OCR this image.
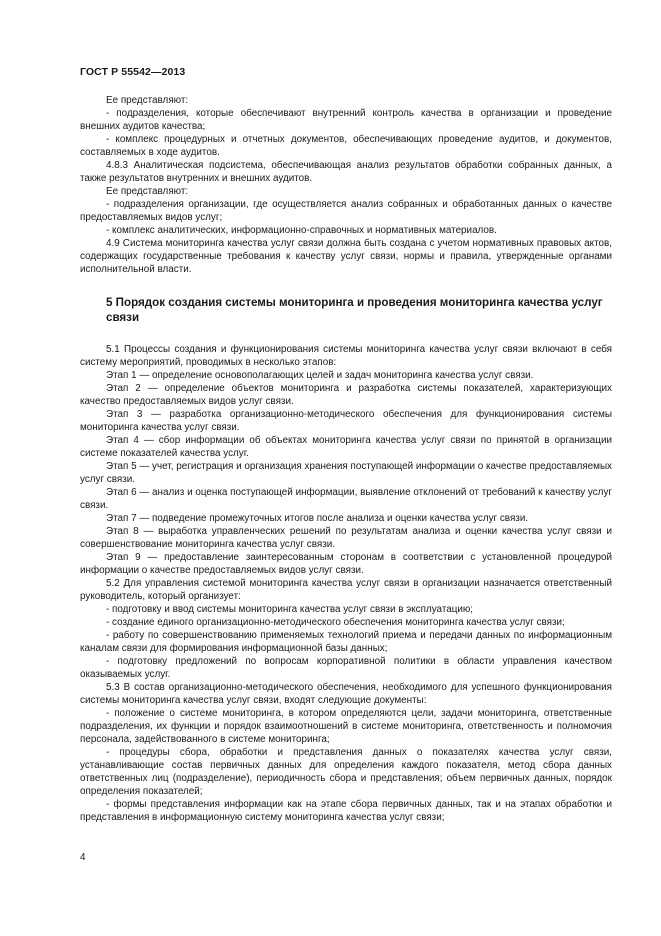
ГОСТ Р 55542—2013

Ее представляют:

- подразделения, которые обеспечивают внутренний контроль качества в организации и проведение внешних аудитов качества;

- комплекс процедурных и отчетных документов, обеспечивающих проведение аудитов, и документов, составляемых в ходе аудитов.

4.8.3 Аналитическая подсистема, обеспечивающая анализ результатов обработки собранных данных, а также результатов внутренних и внешних аудитов.

Ее представляют:

- подразделения организации, где осуществляется анализ собранных и обработанных данных о качестве предоставляемых видов услуг;

- комплекс аналитических, информационно-справочных и нормативных материалов.

4.9 Система мониторинга качества услуг связи должна быть создана с учетом нормативных правовых актов, содержащих государственные требования к качеству услуг связи, нормы и правила, утвержденные органами исполнительной власти.

5 Порядок создания системы мониторинга и проведения мониторинга качества услуг связи

5.1 Процессы создания и функционирования системы мониторинга качества услуг связи включают в себя систему мероприятий, проводимых в несколько этапов:

Этап 1 — определение основополагающих целей и задач мониторинга качества услуг связи.

Этап 2 — определение объектов мониторинга и разработка системы показателей, характеризующих качество предоставляемых видов услуг связи.

Этап 3 — разработка организационно-методического обеспечения для функционирования системы мониторинга качества услуг связи.

Этап 4 — сбор информации об объектах мониторинга качества услуг связи по принятой в организации системе показателей качества услуг.

Этап 5 — учет, регистрация и организация хранения поступающей информации о качестве предоставляемых услуг связи.

Этап 6 — анализ и оценка поступающей информации, выявление отклонений от требований к качеству услуг связи.

Этап 7 — подведение промежуточных итогов после анализа и оценки качества услуг связи.

Этап 8 — выработка управленческих решений по результатам анализа и оценки качества услуг связи и совершенствование мониторинга качества услуг связи.

Этап 9 — предоставление заинтересованным сторонам в соответствии с установленной процедурой информации о качестве предоставляемых видов услуг связи.

5.2 Для управления системой мониторинга качества услуг связи в организации назначается ответственный руководитель, который организует:

- подготовку и ввод системы мониторинга качества услуг связи в эксплуатацию;

- создание единого организационно-методического обеспечения мониторинга качества услуг связи;

- работу по совершенствованию применяемых технологий приема и передачи данных по информационным каналам связи для формирования информационной базы данных;

- подготовку предложений по вопросам корпоративной политики в области управления качеством оказываемых услуг.

5.3 В состав организационно-методического обеспечения, необходимого для успешного функционирования системы мониторинга качества услуг связи, входят следующие документы:

- положение о системе мониторинга, в котором определяются цели, задачи мониторинга, ответственные подразделения, их функции и порядок взаимоотношений в системе мониторинга, ответственность и полномочия персонала, задействованного в системе мониторинга;

- процедуры сбора, обработки и представления данных о показателях качества услуг связи, устанавливающие состав первичных данных для определения каждого показателя, метод сбора данных ответственных лиц (подразделение), периодичность сбора и представления; объем первичных данных, порядок определения показателей;

- формы представления информации как на этапе сбора первичных данных, так и на этапах обработки и представления в информационную систему мониторинга качества услуг связи;

4
